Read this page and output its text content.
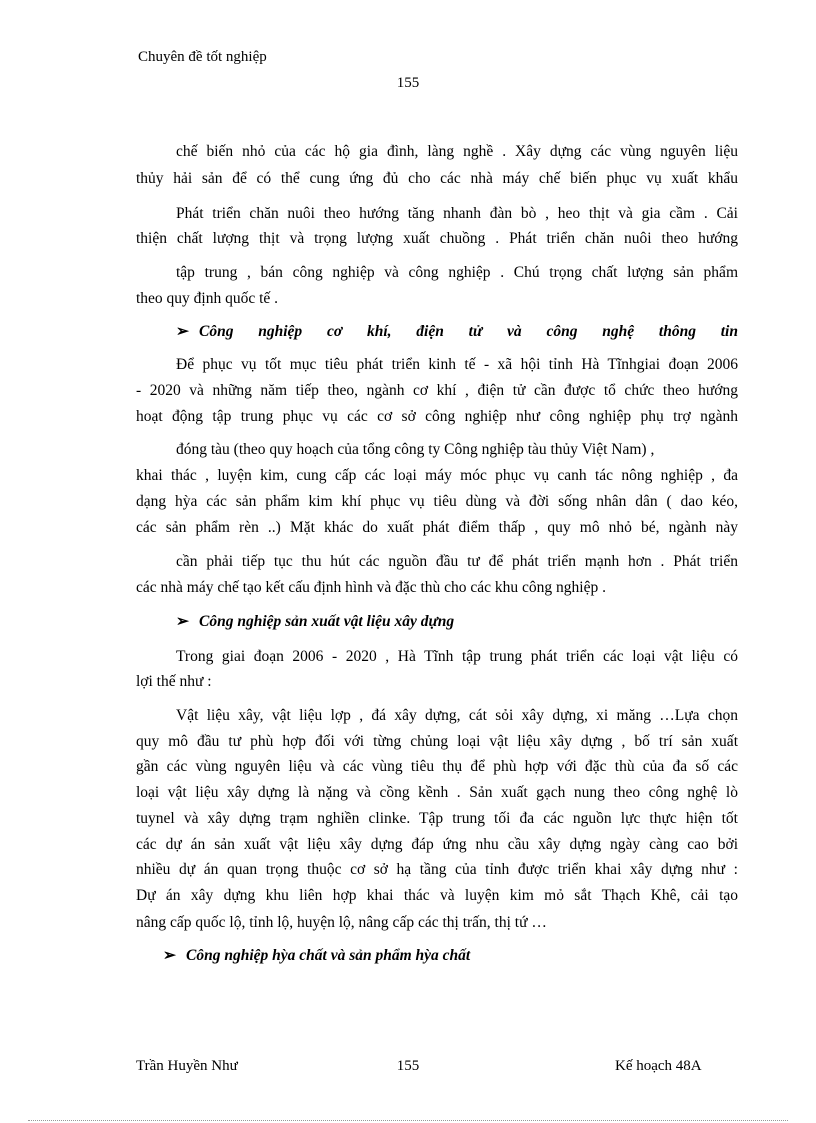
Chuyên đề tốt nghiệp
155
chế biến nhỏ của các hộ gia đình, làng nghề . Xây dựng các vùng nguyên liệu
thủy hải sản để có thể cung ứng đủ cho các nhà máy chế biến phục vụ xuất khẩu
Phát triển chăn nuôi theo hướng tăng nhanh đàn bò , heo thịt và gia cầm . Cải
thiện chất lượng thịt và trọng lượng xuất chuồng . Phát triển chăn nuôi theo hướng
tập trung , bán công nghiệp và công nghiệp . Chú trọng chất lượng sản phẩm
theo quy định quốc tế .
➢ Công nghiệp cơ khí, điện tử và công nghệ thông tin
Để phục vụ tốt mục tiêu phát triển kinh tế - xã hội tỉnh Hà Tĩnhgiai đoạn 2006
- 2020 và những năm tiếp theo, ngành cơ khí , điện tử cần được tổ chức theo hướng
hoạt động tập trung phục vụ các cơ sở công nghiệp như công nghiệp phụ trợ ngành
đóng tàu (theo quy hoạch của tổng công ty Công nghiệp tàu thủy Việt Nam) ,
khai thác , luyện kim, cung cấp các loại máy móc phục vụ canh tác nông nghiệp , đa
dạng hỳa các sản phẩm kim khí phục vụ tiêu dùng và đời sống nhân dân ( dao kéo,
các sản phẩm rèn ..) Mặt khác do xuất phát điểm thấp , quy mô nhỏ bé, ngành này
cần phải tiếp tục thu hút các nguồn đầu tư để phát triển mạnh hơn . Phát triển
các nhà máy chế tạo kết cấu định hình và đặc thù cho các khu công nghiệp .
➢ Công nghiệp sản xuất vật liệu xây dựng
Trong giai đoạn 2006 - 2020 , Hà Tĩnh tập trung phát triển các loại vật liệu có
lợi thế như :
Vật liệu xây, vật liệu lợp , đá xây dựng, cát sỏi xây dựng, xi măng …Lựa chọn
quy mô đầu tư phù hợp đối với từng chủng loại vật liệu xây dựng , bố trí sản xuất
gần các vùng nguyên liệu và các vùng tiêu thụ để phù hợp với đặc thù của đa số các
loại vật liệu xây dựng là nặng và cồng kềnh . Sản xuất gạch nung theo công nghệ lò
tuynel và xây dựng trạm nghiền clinke. Tập trung tối đa các nguồn lực thực hiện tốt
các dự án sản xuất vật liệu xây dựng đáp ứng nhu cầu xây dựng ngày càng cao bởi
nhiều dự án quan trọng thuộc cơ sở hạ tầng của tỉnh được triển khai xây dựng như :
Dự án xây dựng khu liên hợp khai thác và luyện kim mỏ sắt Thạch Khê, cải tạo
nâng cấp quốc lộ, tỉnh lộ, huyện lộ, nâng cấp các thị trấn, thị tứ …
➢ Công nghiệp hỳa chất và sản phẩm hỳa chất
Trần Huyền Như	155	Kế hoạch 48A
